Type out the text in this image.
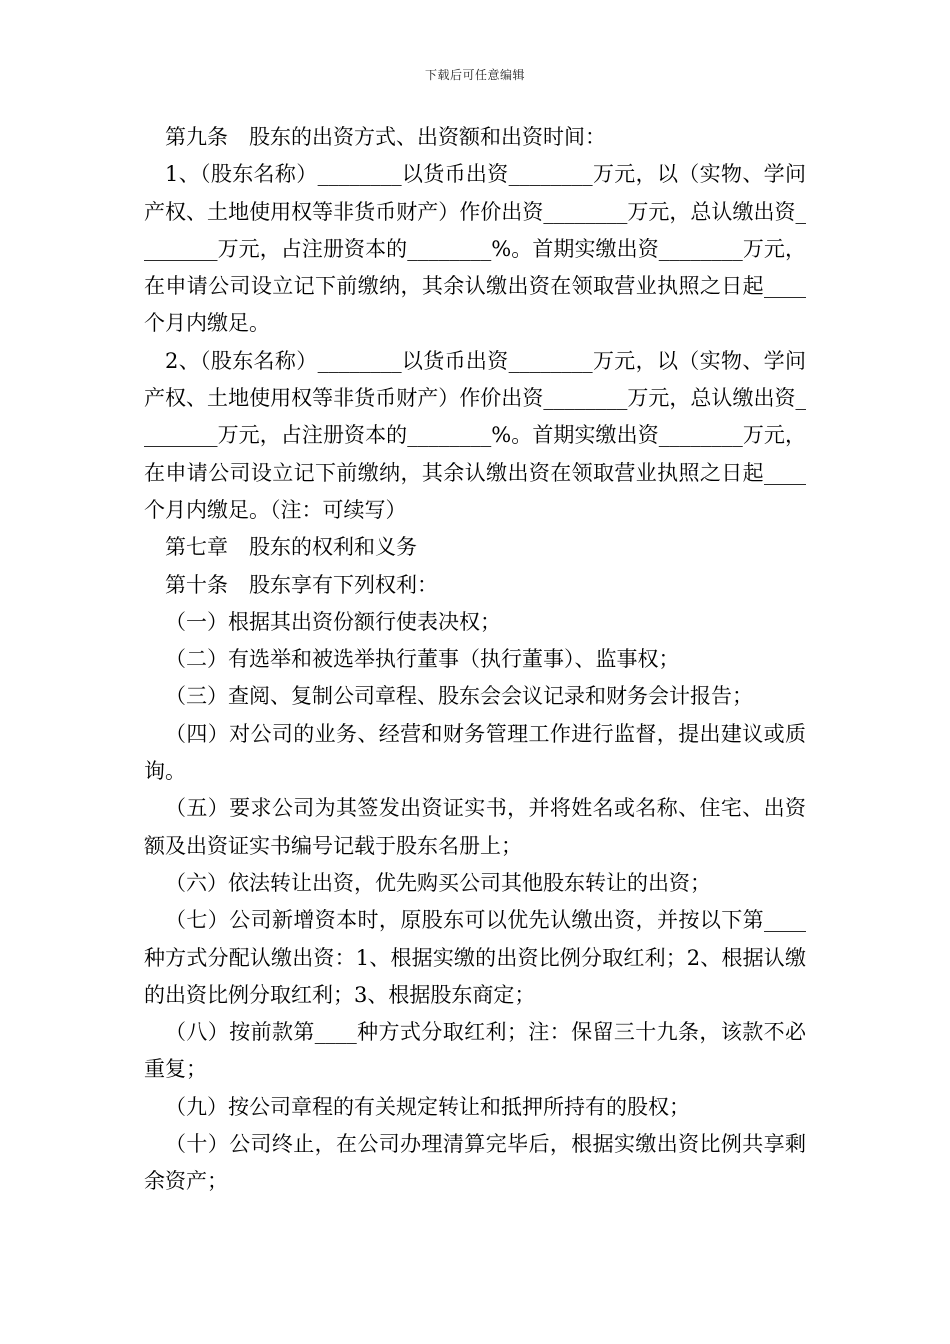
下载后可任意编辑

第九条　股东的出资方式、出资额和出资时间：

1、（股东名称）________以货币出资________万元，以（实物、学问产权、土地使用权等非货币财产）作价出资________万元，总认缴出资________万元，占注册资本的________%。首期实缴出资________万元，在申请公司设立记下前缴纳，其余认缴出资在领取营业执照之日起____个月内缴足。

2、（股东名称）________以货币出资________万元，以（实物、学问产权、土地使用权等非货币财产）作价出资________万元，总认缴出资________万元，占注册资本的________%。首期实缴出资________万元，在申请公司设立记下前缴纳，其余认缴出资在领取营业执照之日起____个月内缴足。（注：可续写）

第七章　股东的权利和义务

第十条　股东享有下列权利：

（一）根据其出资份额行使表决权；

（二）有选举和被选举执行董事（执行董事）、监事权；

（三）查阅、复制公司章程、股东会会议记录和财务会计报告；

（四）对公司的业务、经营和财务管理工作进行监督，提出建议或质询。

（五）要求公司为其签发出资证实书，并将姓名或名称、住宅、出资额及出资证实书编号记载于股东名册上；

（六）依法转让出资，优先购买公司其他股东转让的出资；

（七）公司新增资本时，原股东可以优先认缴出资，并按以下第____种方式分配认缴出资：1、根据实缴的出资比例分取红利；2、根据认缴的出资比例分取红利；3、根据股东商定；

（八）按前款第____种方式分取红利；注：保留三十九条，该款不必重复；

（九）按公司章程的有关规定转让和抵押所持有的股权；

（十）公司终止，在公司办理清算完毕后，根据实缴出资比例共享剩余资产；
